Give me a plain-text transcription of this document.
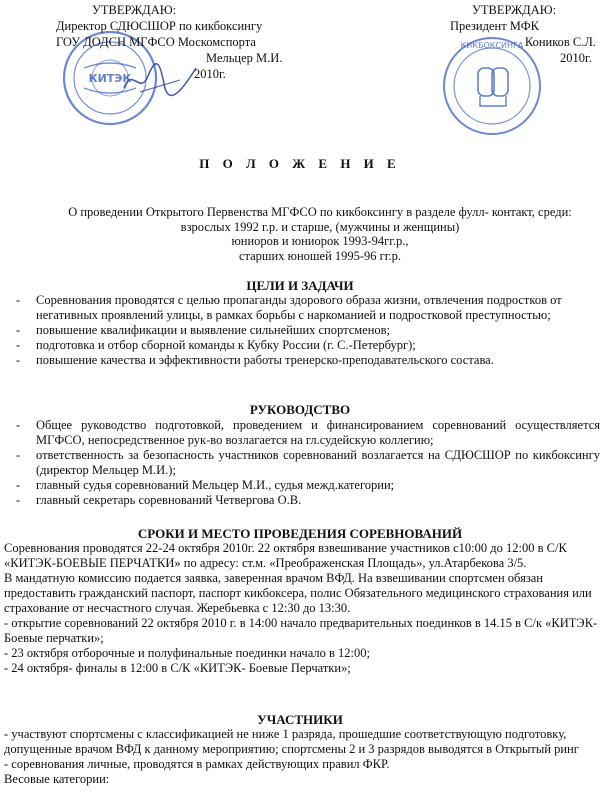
КИТЭК
КИКБОКСИНГА
УТВЕРЖДАЮ:
Директор СДЮСШОР по кикбоксингу
ГОУ ДОДСН МГФСО Москомспорта
Мельцер М.И.
2010г.
УТВЕРЖДАЮ:
Президент МФК
Коников С.Л.
2010г.
П О Л О Ж Е Н И Е
О проведении Открытого Первенства МГФСО по кикбоксингу в разделе фулл- контакт, среди:
взрослых 1992 г.р. и старше, (мужчины и женщины)
юниоров и юниорок 1993-94гг.р.,
старших юношей 1995-96 гг.р.
ЦЕЛИ И ЗАДАЧИ
- Соревнования проводятся с целью пропаганды здорового образа жизни, отвлечения подростков от негативных проявлений улицы, в рамках борьбы с наркоманией и подростковой преступностью;
- повышение квалификации и выявление сильнейших спортсменов;
- подготовка и отбор сборной команды к Кубку России (г. С.-Петербург);
- повышение качества и эффективности работы тренерско-преподавательского состава.
РУКОВОДСТВО
- Общее руководство подготовкой, проведением и финансированием соревнований осуществляется МГФСО, непосредственное рук-во возлагается на гл.судейскую коллегию;
- ответственность за безопасность участников соревнований возлагается на СДЮСШОР по кикбоксингу (директор Мельцер М.И.);
- главный судья соревнований Мельцер М.И., судья межд.категории;
- главный секретарь соревнований Четвергова О.В.
СРОКИ И МЕСТО ПРОВЕДЕНИЯ СОРЕВНОВАНИЙ

Соревнования проводятся 22-24 октября 2010г. 22 октября взвешивание участников с10:00 до 12:00 в С/К «КИТЭК-БОЕВЫЕ ПЕРЧАТКИ» по адресу: ст.м. «Преображенская Площадь», ул.Атарбекова 3/5.

В мандатную комиссию подается заявка, заверенная врачом ВФД. На взвешивании спортсмен обязан предоставить гражданский паспорт, паспорт кикбоксера, полис Обязательного медицинского страхования или страхование от несчастного случая. Жеребьевка с 12:30 до 13:30.

- открытие соревнований 22 октября 2010 г. в 14:00 начало предварительных поединков в 14.15 в С/к «КИТЭК-Боевые перчатки»;

- 23 октября отборочные и полуфинальные поединки начало в 12:00;

- 24 октября- финалы в 12:00 в С/К «КИТЭК- Боевые Перчатки»;

УЧАСТНИКИ

- участвуют спортсмены с классификацией не ниже 1 разряда, прошедшие соответствующую подготовку, допущенные врачом ВФД к данному мероприятию; спортсмены 2 и 3 разрядов выводятся в Открытый ринг

- соревнования личные, проводятся в рамках действующих правил ФКР.

Весовые категории:
